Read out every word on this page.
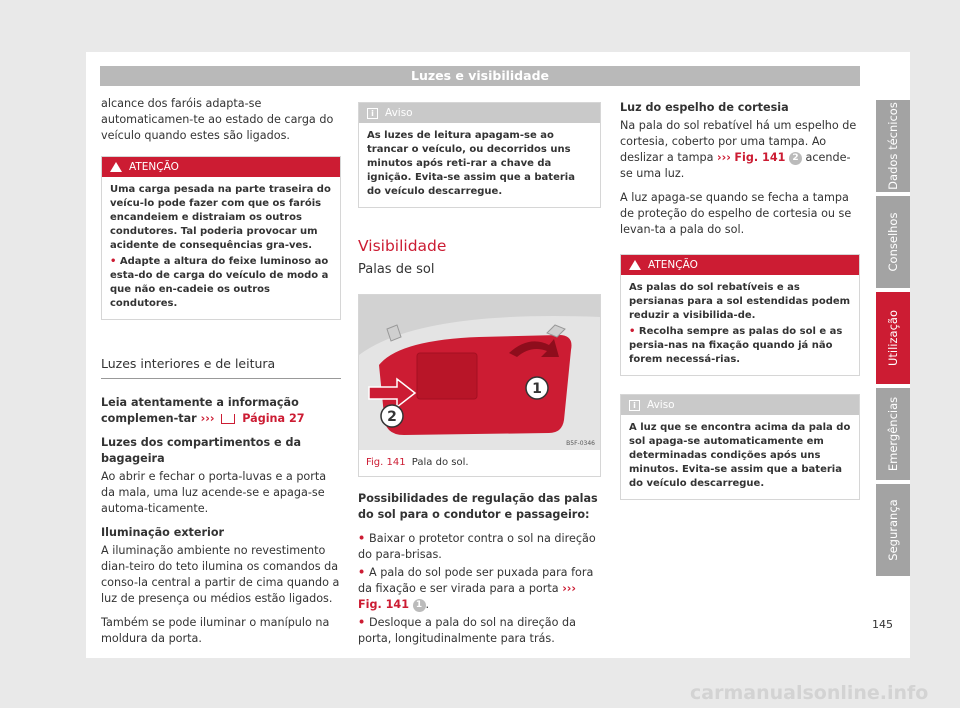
Luzes e visibilidade

alcance dos faróis adapta-se automaticamen-te ao estado de carga do veículo quando estes são ligados.

ATENÇÃO

Uma carga pesada na parte traseira do veícu-lo pode fazer com que os faróis encandeiem e distraiam os outros condutores. Tal poderia provocar um acidente de consequências gra-ves.

• Adapte a altura do feixe luminoso ao esta-do de carga do veículo de modo a que não en-cadeie os outros condutores.

Luzes interiores e de leitura

Leia atentamente a informação complemen-tar ››› Página 27

Luzes dos compartimentos e da bagageira

Ao abrir e fechar o porta-luvas e a porta da mala, uma luz acende-se e apaga-se automa-ticamente.

Iluminação exterior

A iluminação ambiente no revestimento dian-teiro do teto ilumina os comandos da conso-la central a partir de cima quando a luz de presença ou médios estão ligados.

Também se pode iluminar o manípulo na moldura da porta.

i	Aviso

As luzes de leitura apagam-se ao trancar o veículo, ou decorridos uns minutos após reti-rar a chave da ignição. Evita-se assim que a bateria do veículo descarregue.

Visibilidade
Palas de sol
1
2
B5F-0346
Fig. 141 Pala do sol.

Possibilidades de regulação das palas do sol para o condutor e passageiro:

• Baixar o protetor contra o sol na direção do para-brisas.

• A pala do sol pode ser puxada para fora da fixação e ser virada para a porta ››› Fig. 141 1 .

• Desloque a pala do sol na direção da porta, longitudinalmente para trás.

Luz do espelho de cortesia

Na pala do sol rebatível há um espelho de cortesia, coberto por uma tampa. Ao deslizar a tampa ››› Fig. 141 2 acende-se uma luz.

A luz apaga-se quando se fecha a tampa de proteção do espelho de cortesia ou se levan-ta a pala do sol.

ATENÇÃO

As palas do sol rebatíveis e as persianas para a sol estendidas podem reduzir a visibilida-de.

• Recolha sempre as palas do sol e as persia-nas na fixação quando já não forem necessá-rias.

i	Aviso

A luz que se encontra acima da pala do sol apaga-se automaticamente em determinadas condições após uns minutos. Evita-se assim que a bateria do veículo descarregue.

Dados técnicos
Conselhos
Utilização
Emergências
Segurança
145
carmanualsonline.info
